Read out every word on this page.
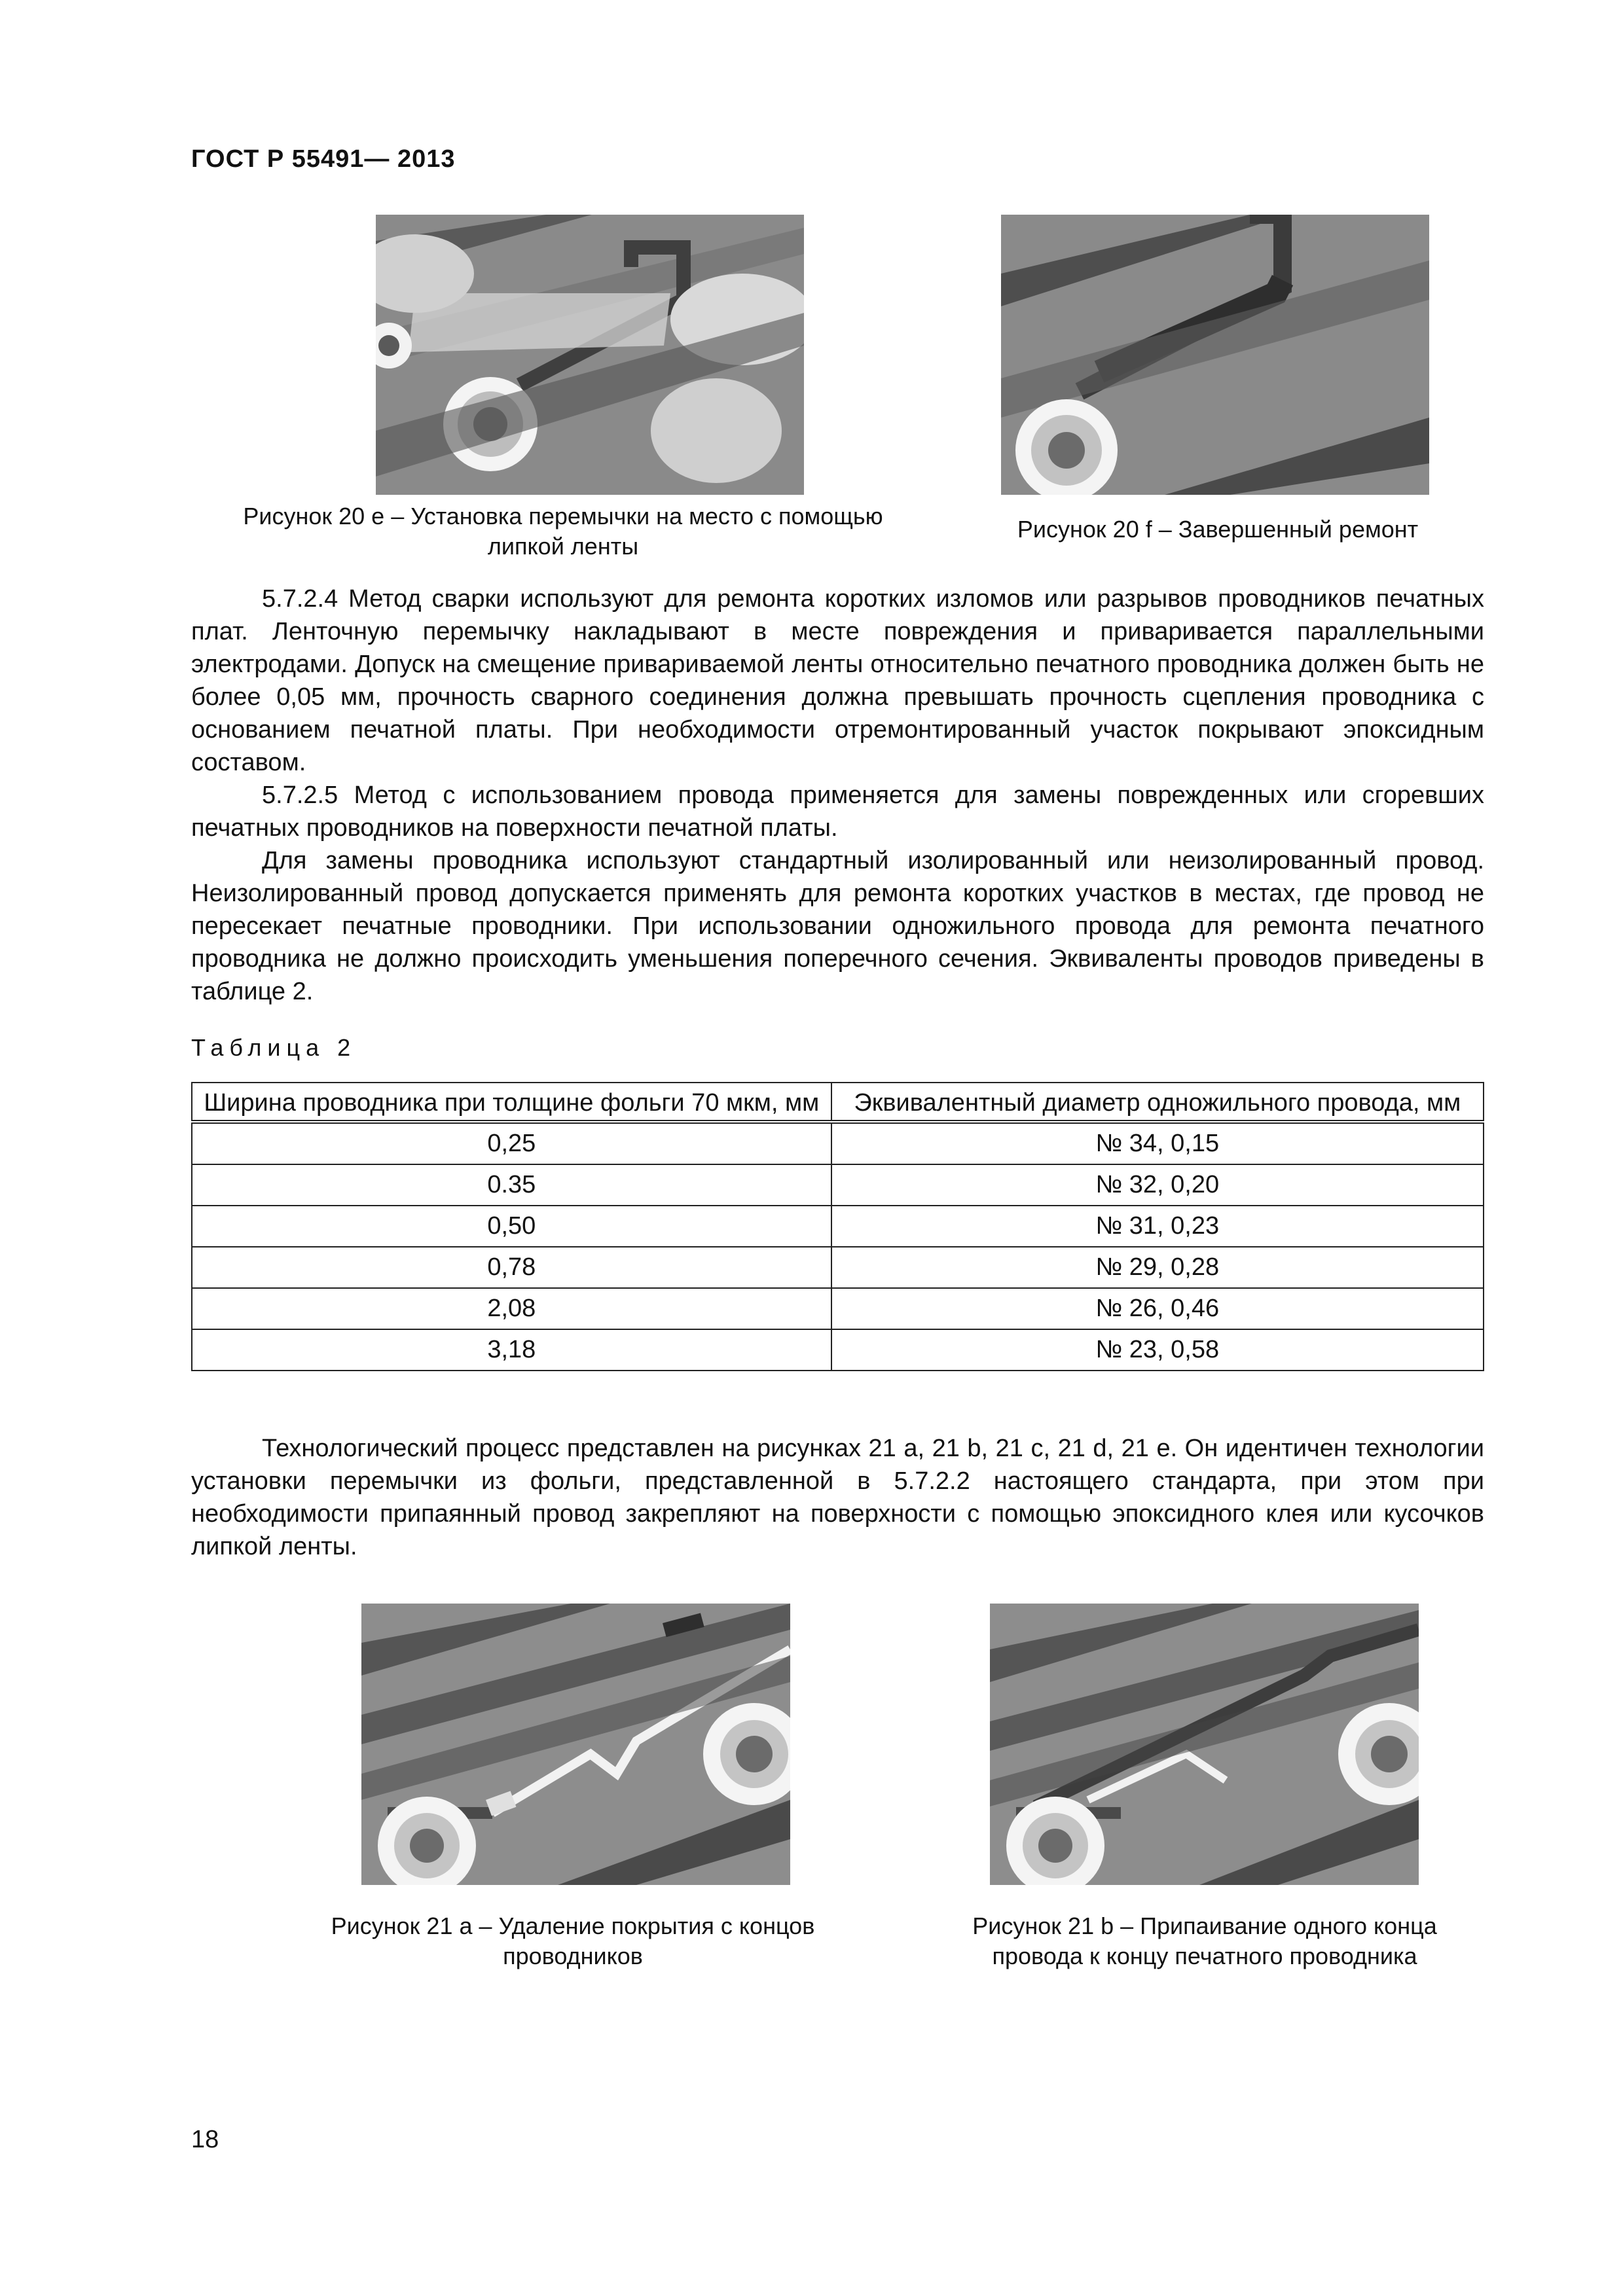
ГОСТ Р 55491— 2013
Рисунок 20 е – Установка перемычки на место с помощью липкой ленты
Рисунок 20 f – Завершенный ремонт

5.7.2.4 Метод сварки используют для ремонта коротких изломов или разрывов проводников печатных плат. Ленточную перемычку накладывают в месте повреждения и приваривается параллельными электродами. Допуск на смещение привариваемой ленты относительно печатного проводника должен быть не более 0,05 мм, прочность сварного соединения должна превышать прочность сцепления проводника с основанием печатной платы. При необходимости отремонтированный участок покрывают эпоксидным составом.

5.7.2.5 Метод с использованием провода применяется для замены поврежденных или сгоревших печатных проводников на поверхности печатной платы.

Для замены проводника используют стандартный изолированный или неизолированный провод. Неизолированный провод допускается применять для ремонта коротких участков в местах, где провод не пересекает печатные проводники. При использовании одножильного провода для ремонта печатного проводника не должно происходить уменьшения поперечного сечения. Эквиваленты проводов приведены в таблице 2.

Таблица 2
Ширина проводника при толщине фольги 70 мкм, мм	Эквивалентный диаметр одножильного провода, мм
0,25	№ 34, 0,15
0.35	№ 32, 0,20
0,50	№ 31, 0,23
0,78	№ 29, 0,28
2,08	№ 26, 0,46
3,18	№ 23, 0,58

Технологический процесс представлен на рисунках 21 а, 21 b, 21 с, 21 d, 21 е. Он идентичен технологии установки перемычки из фольги, представленной в 5.7.2.2 настоящего стандарта, при этом при необходимости припаянный провод закрепляют на поверхности с помощью эпоксидного клея или кусочков липкой ленты.

Рисунок 21 а – Удаление покрытия с концов проводников
Рисунок 21 b – Припаивание одного конца провода к концу печатного проводника
18
